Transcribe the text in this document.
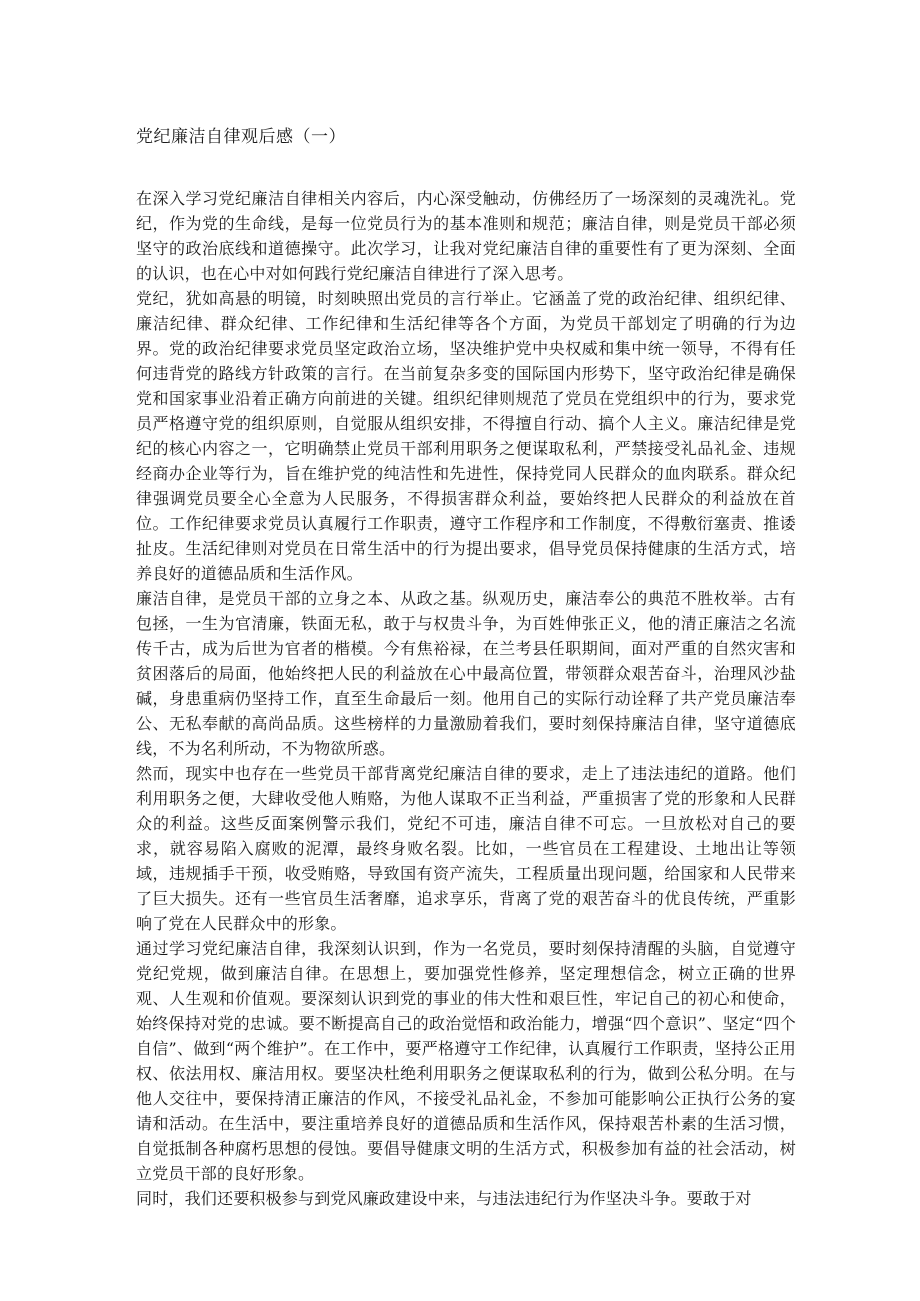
党纪廉洁自律观后感（一）

在深入学习党纪廉洁自律相关内容后，内心深受触动，仿佛经历了一场深刻的灵魂洗礼。党纪，作为党的生命线，是每一位党员行为的基本准则和规范；廉洁自律，则是党员干部必须坚守的政治底线和道德操守。此次学习，让我对党纪廉洁自律的重要性有了更为深刻、全面的认识，也在心中对如何践行党纪廉洁自律进行了深入思考。

党纪，犹如高悬的明镜，时刻映照出党员的言行举止。它涵盖了党的政治纪律、组织纪律、廉洁纪律、群众纪律、工作纪律和生活纪律等各个方面，为党员干部划定了明确的行为边界。党的政治纪律要求党员坚定政治立场，坚决维护党中央权威和集中统一领导，不得有任何违背党的路线方针政策的言行。在当前复杂多变的国际国内形势下，坚守政治纪律是确保党和国家事业沿着正确方向前进的关键。组织纪律则规范了党员在党组织中的行为，要求党员严格遵守党的组织原则，自觉服从组织安排，不得擅自行动、搞个人主义。廉洁纪律是党纪的核心内容之一，它明确禁止党员干部利用职务之便谋取私利，严禁接受礼品礼金、违规经商办企业等行为，旨在维护党的纯洁性和先进性，保持党同人民群众的血肉联系。群众纪律强调党员要全心全意为人民服务，不得损害群众利益，要始终把人民群众的利益放在首位。工作纪律要求党员认真履行工作职责，遵守工作程序和工作制度，不得敷衍塞责、推诿扯皮。生活纪律则对党员在日常生活中的行为提出要求，倡导党员保持健康的生活方式，培养良好的道德品质和生活作风。

廉洁自律，是党员干部的立身之本、从政之基。纵观历史，廉洁奉公的典范不胜枚举。古有包拯，一生为官清廉，铁面无私，敢于与权贵斗争，为百姓伸张正义，他的清正廉洁之名流传千古，成为后世为官者的楷模。今有焦裕禄，在兰考县任职期间，面对严重的自然灾害和贫困落后的局面，他始终把人民的利益放在心中最高位置，带领群众艰苦奋斗，治理风沙盐碱，身患重病仍坚持工作，直至生命最后一刻。他用自己的实际行动诠释了共产党员廉洁奉公、无私奉献的高尚品质。这些榜样的力量激励着我们，要时刻保持廉洁自律，坚守道德底线，不为名利所动，不为物欲所惑。

然而，现实中也存在一些党员干部背离党纪廉洁自律的要求，走上了违法违纪的道路。他们利用职务之便，大肆收受他人贿赂，为他人谋取不正当利益，严重损害了党的形象和人民群众的利益。这些反面案例警示我们，党纪不可违，廉洁自律不可忘。一旦放松对自己的要求，就容易陷入腐败的泥潭，最终身败名裂。比如，一些官员在工程建设、土地出让等领域，违规插手干预，收受贿赂，导致国有资产流失，工程质量出现问题，给国家和人民带来了巨大损失。还有一些官员生活奢靡，追求享乐，背离了党的艰苦奋斗的优良传统，严重影响了党在人民群众中的形象。

通过学习党纪廉洁自律，我深刻认识到，作为一名党员，要时刻保持清醒的头脑，自觉遵守党纪党规，做到廉洁自律。在思想上，要加强党性修养，坚定理想信念，树立正确的世界观、人生观和价值观。要深刻认识到党的事业的伟大性和艰巨性，牢记自己的初心和使命，始终保持对党的忠诚。要不断提高自己的政治觉悟和政治能力，增强“四个意识”、坚定“四个自信”、做到“两个维护”。在工作中，要严格遵守工作纪律，认真履行工作职责，坚持公正用权、依法用权、廉洁用权。要坚决杜绝利用职务之便谋取私利的行为，做到公私分明。在与他人交往中，要保持清正廉洁的作风，不接受礼品礼金，不参加可能影响公正执行公务的宴请和活动。在生活中，要注重培养良好的道德品质和生活作风，保持艰苦朴素的生活习惯，自觉抵制各种腐朽思想的侵蚀。要倡导健康文明的生活方式，积极参加有益的社会活动，树立党员干部的良好形象。

同时，我们还要积极参与到党风廉政建设中来，与违法违纪行为作坚决斗争。要敢于对
